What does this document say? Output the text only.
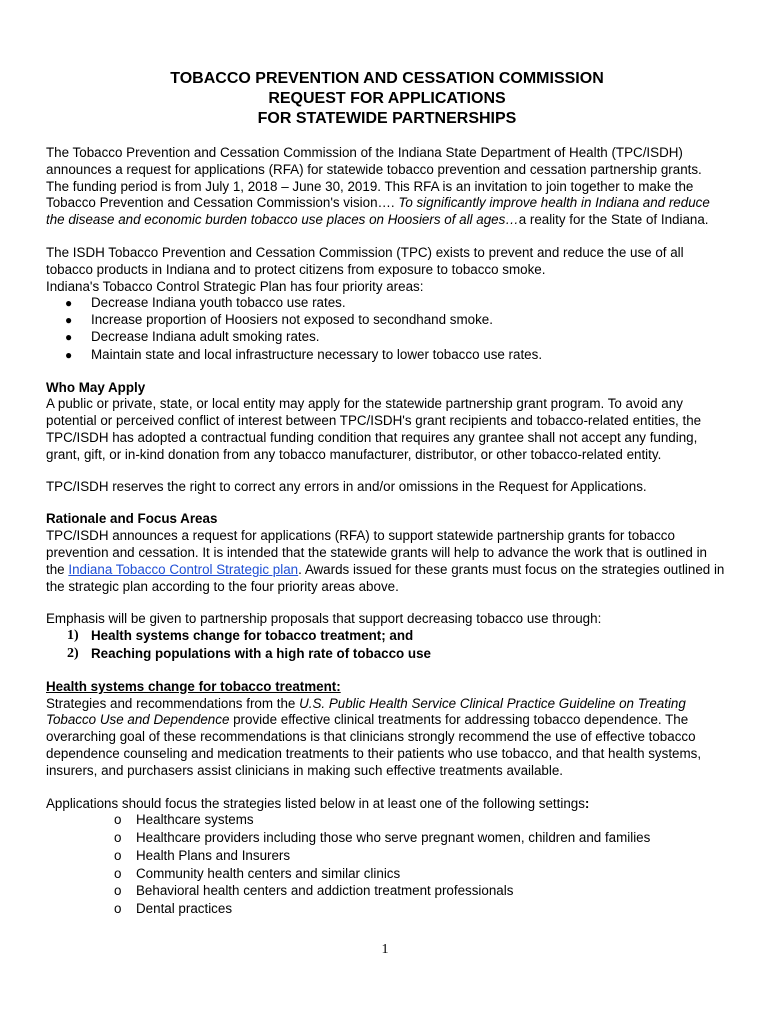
TOBACCO PREVENTION AND CESSATION COMMISSION

REQUEST FOR APPLICATIONS

FOR STATEWIDE PARTNERSHIPS

The Tobacco Prevention and Cessation Commission of the Indiana State Department of Health (TPC/ISDH) announces a request for applications (RFA) for statewide tobacco prevention and cessation partnership grants. The funding period is from July 1, 2018 – June 30, 2019. This RFA is an invitation to join together to make the Tobacco Prevention and Cessation Commission's vision…. To significantly improve health in Indiana and reduce the disease and economic burden tobacco use places on Hoosiers of all ages…a reality for the State of Indiana.

The ISDH Tobacco Prevention and Cessation Commission (TPC) exists to prevent and reduce the use of all tobacco products in Indiana and to protect citizens from exposure to tobacco smoke.

Indiana's Tobacco Control Strategic Plan has four priority areas:

● Decrease Indiana youth tobacco use rates.
● Increase proportion of Hoosiers not exposed to secondhand smoke.
● Decrease Indiana adult smoking rates.
● Maintain state and local infrastructure necessary to lower tobacco use rates.

Who May Apply

A public or private, state, or local entity may apply for the statewide partnership grant program. To avoid any potential or perceived conflict of interest between TPC/ISDH's grant recipients and tobacco-related entities, the TPC/ISDH has adopted a contractual funding condition that requires any grantee shall not accept any funding, grant, gift, or in-kind donation from any tobacco manufacturer, distributor, or other tobacco-related entity.

TPC/ISDH reserves the right to correct any errors in and/or omissions in the Request for Applications.

Rationale and Focus Areas

TPC/ISDH announces a request for applications (RFA) to support statewide partnership grants for tobacco prevention and cessation. It is intended that the statewide grants will help to advance the work that is outlined in the Indiana Tobacco Control Strategic plan. Awards issued for these grants must focus on the strategies outlined in the strategic plan according to the four priority areas above.

Emphasis will be given to partnership proposals that support decreasing tobacco use through:

1) Health systems change for tobacco treatment; and
2) Reaching populations with a high rate of tobacco use

Health systems change for tobacco treatment:

Strategies and recommendations from the U.S. Public Health Service Clinical Practice Guideline on Treating Tobacco Use and Dependence provide effective clinical treatments for addressing tobacco dependence. The overarching goal of these recommendations is that clinicians strongly recommend the use of effective tobacco dependence counseling and medication treatments to their patients who use tobacco, and that health systems, insurers, and purchasers assist clinicians in making such effective treatments available.

Applications should focus the strategies listed below in at least one of the following settings:

o Healthcare systems
o Healthcare providers including those who serve pregnant women, children and families
o Health Plans and Insurers
o Community health centers and similar clinics
o Behavioral health centers and addiction treatment professionals
o Dental practices
1
